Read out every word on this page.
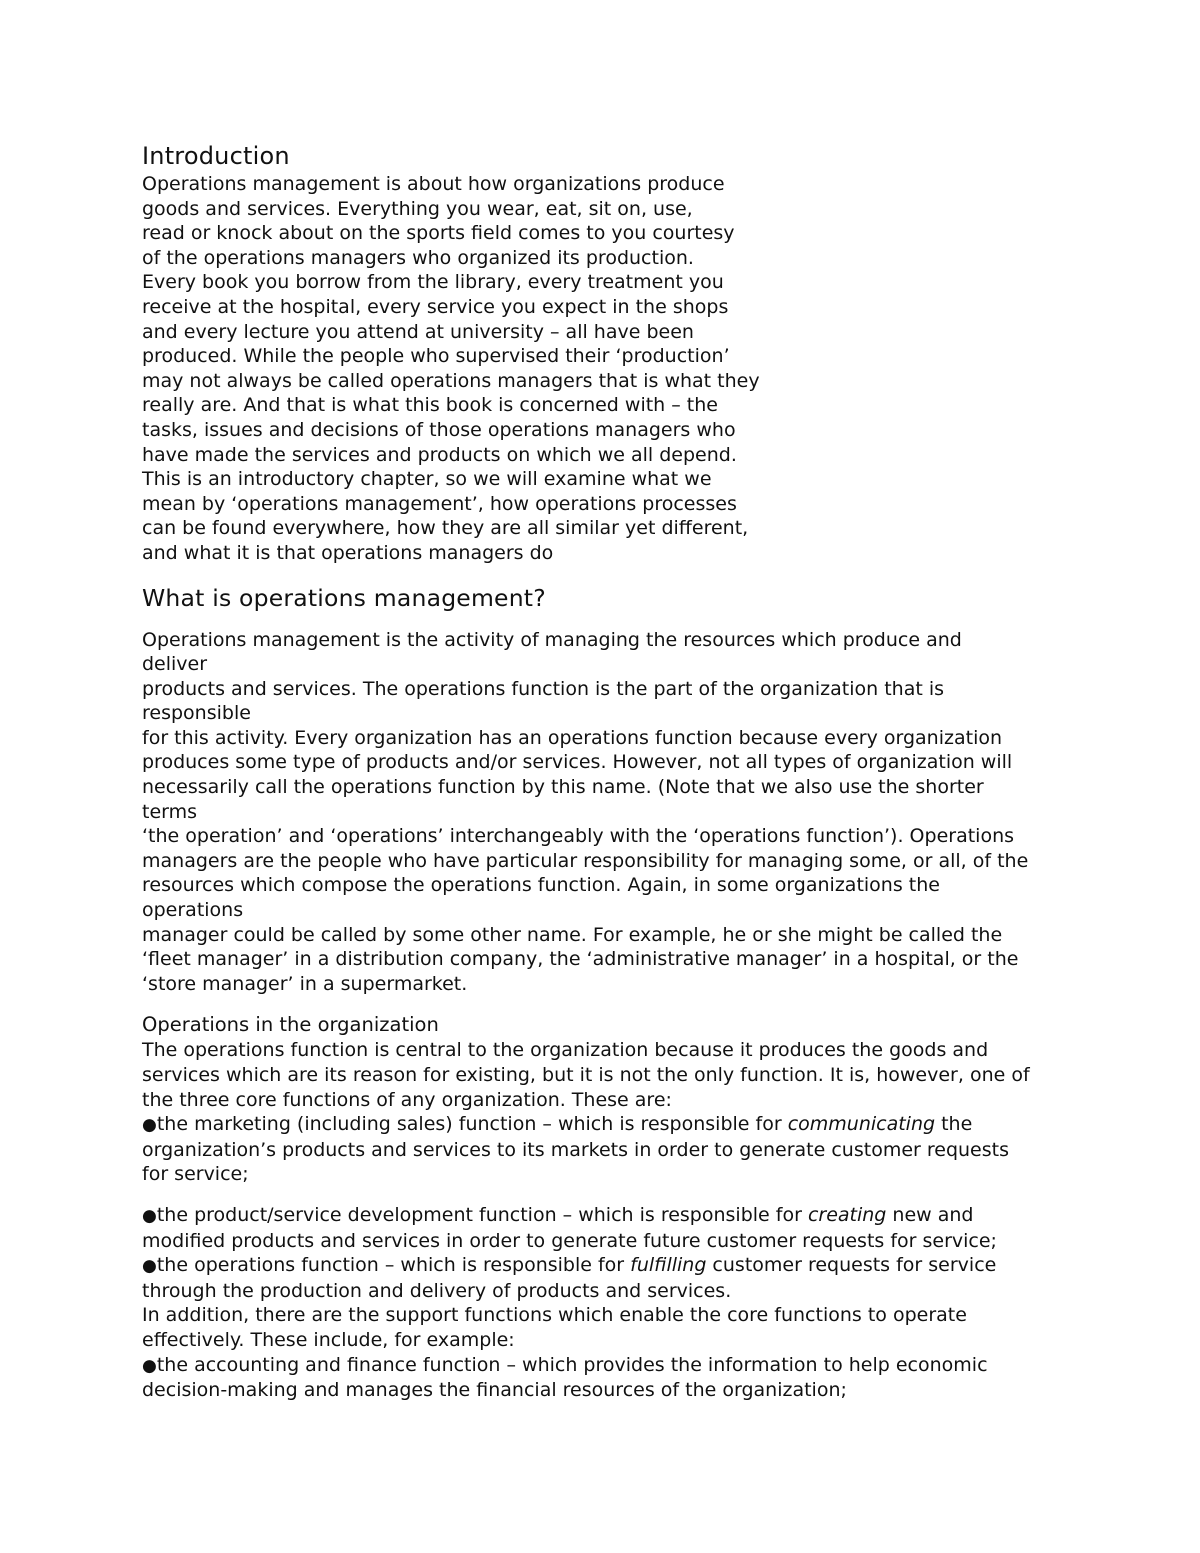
Introduction
Operations management is about how organizations produce
goods and services. Everything you wear, eat, sit on, use,
read or knock about on the sports field comes to you courtesy
of the operations managers who organized its production.
Every book you borrow from the library, every treatment you
receive at the hospital, every service you expect in the shops
and every lecture you attend at university – all have been
produced. While the people who supervised their ‘production’
may not always be called operations managers that is what they
really are. And that is what this book is concerned with – the
tasks, issues and decisions of those operations managers who
have made the services and products on which we all depend.
This is an introductory chapter, so we will examine what we
mean by ‘operations management’, how operations processes
can be found everywhere, how they are all similar yet different,
and what it is that operations managers do
What is operations management?
Operations management is the activity of managing the resources which produce and
deliver
products and services. The operations function is the part of the organization that is
responsible
for this activity. Every organization has an operations function because every organization
produces some type of products and/or services. However, not all types of organization will
necessarily call the operations function by this name. (Note that we also use the shorter
terms
‘the operation’ and ‘operations’ interchangeably with the ‘operations function’). Operations
managers are the people who have particular responsibility for managing some, or all, of the
resources which compose the operations function. Again, in some organizations the
operations
manager could be called by some other name. For example, he or she might be called the
‘fleet manager’ in a distribution company, the ‘administrative manager’ in a hospital, or the
‘store manager’ in a supermarket.
Operations in the organization
The operations function is central to the organization because it produces the goods and
services which are its reason for existing, but it is not the only function. It is, however, one of
the three core functions of any organization. These are:
●the marketing (including sales) function – which is responsible for communicating the
organization’s products and services to its markets in order to generate customer requests
for service;
●the product/service development function – which is responsible for creating new and
modified products and services in order to generate future customer requests for service;
●the operations function – which is responsible for fulfilling customer requests for service
through the production and delivery of products and services.
In addition, there are the support functions which enable the core functions to operate
effectively. These include, for example:
●the accounting and finance function – which provides the information to help economic
decision-making and manages the financial resources of the organization;
